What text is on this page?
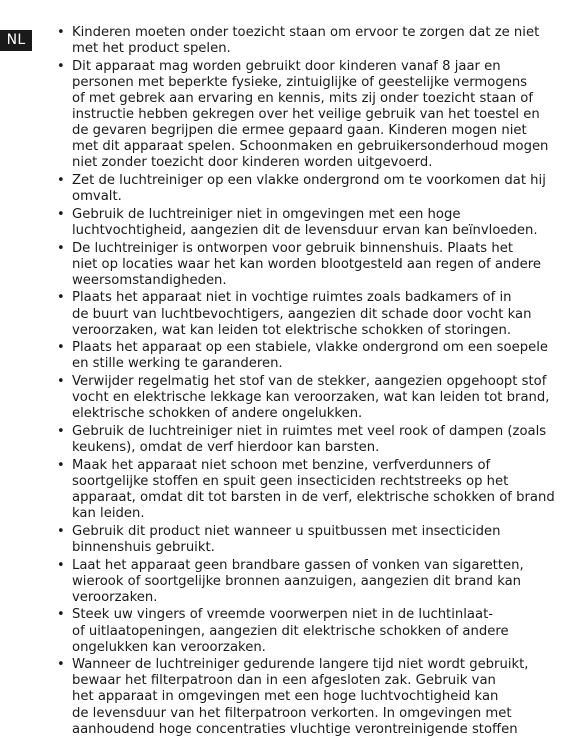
NL	• Kinderen moeten onder toezicht staan om ervoor te zorgen dat ze niet
met het product spelen.
• Dit apparaat mag worden gebruikt door kinderen vanaf 8 jaar en
personen met beperkte fysieke, zintuiglijke of geestelijke vermogens
of met gebrek aan ervaring en kennis, mits zij onder toezicht staan of
instructie hebben gekregen over het veilige gebruik van het toestel en
de gevaren begrijpen die ermee gepaard gaan. Kinderen mogen niet
met dit apparaat spelen. Schoonmaken en gebruikersonderhoud mogen
niet zonder toezicht door kinderen worden uitgevoerd.
• Zet de luchtreiniger op een vlakke ondergrond om te voorkomen dat hij
omvalt.
• Gebruik de luchtreiniger niet in omgevingen met een hoge
luchtvochtigheid, aangezien dit de levensduur ervan kan beïnvloeden.
• De luchtreiniger is ontworpen voor gebruik binnenshuis. Plaats het
niet op locaties waar het kan worden blootgesteld aan regen of andere
weersomstandigheden.
• Plaats het apparaat niet in vochtige ruimtes zoals badkamers of in
de buurt van luchtbevochtigers, aangezien dit schade door vocht kan
veroorzaken, wat kan leiden tot elektrische schokken of storingen.
• Plaats het apparaat op een stabiele, vlakke ondergrond om een soepele
en stille werking te garanderen.
• Verwijder regelmatig het stof van de stekker, aangezien opgehoopt stof
vocht en elektrische lekkage kan veroorzaken, wat kan leiden tot brand,
elektrische schokken of andere ongelukken.
• Gebruik de luchtreiniger niet in ruimtes met veel rook of dampen (zoals
keukens), omdat de verf hierdoor kan barsten.
• Maak het apparaat niet schoon met benzine, verfverdunners of
soortgelijke stoffen en spuit geen insecticiden rechtstreeks op het
apparaat, omdat dit tot barsten in de verf, elektrische schokken of brand
kan leiden.
• Gebruik dit product niet wanneer u spuitbussen met insecticiden
binnenshuis gebruikt.
• Laat het apparaat geen brandbare gassen of vonken van sigaretten,
wierook of soortgelijke bronnen aanzuigen, aangezien dit brand kan
veroorzaken.
• Steek uw vingers of vreemde voorwerpen niet in de luchtinlaat-
of uitlaatopeningen, aangezien dit elektrische schokken of andere
ongelukken kan veroorzaken.
• Wanneer de luchtreiniger gedurende langere tijd niet wordt gebruikt,
bewaar het filterpatroon dan in een afgesloten zak. Gebruik van
het apparaat in omgevingen met een hoge luchtvochtigheid kan
de levensduur van het filterpatroon verkorten. In omgevingen met
aanhoudend hoge concentraties vluchtige verontreinigende stoffen
